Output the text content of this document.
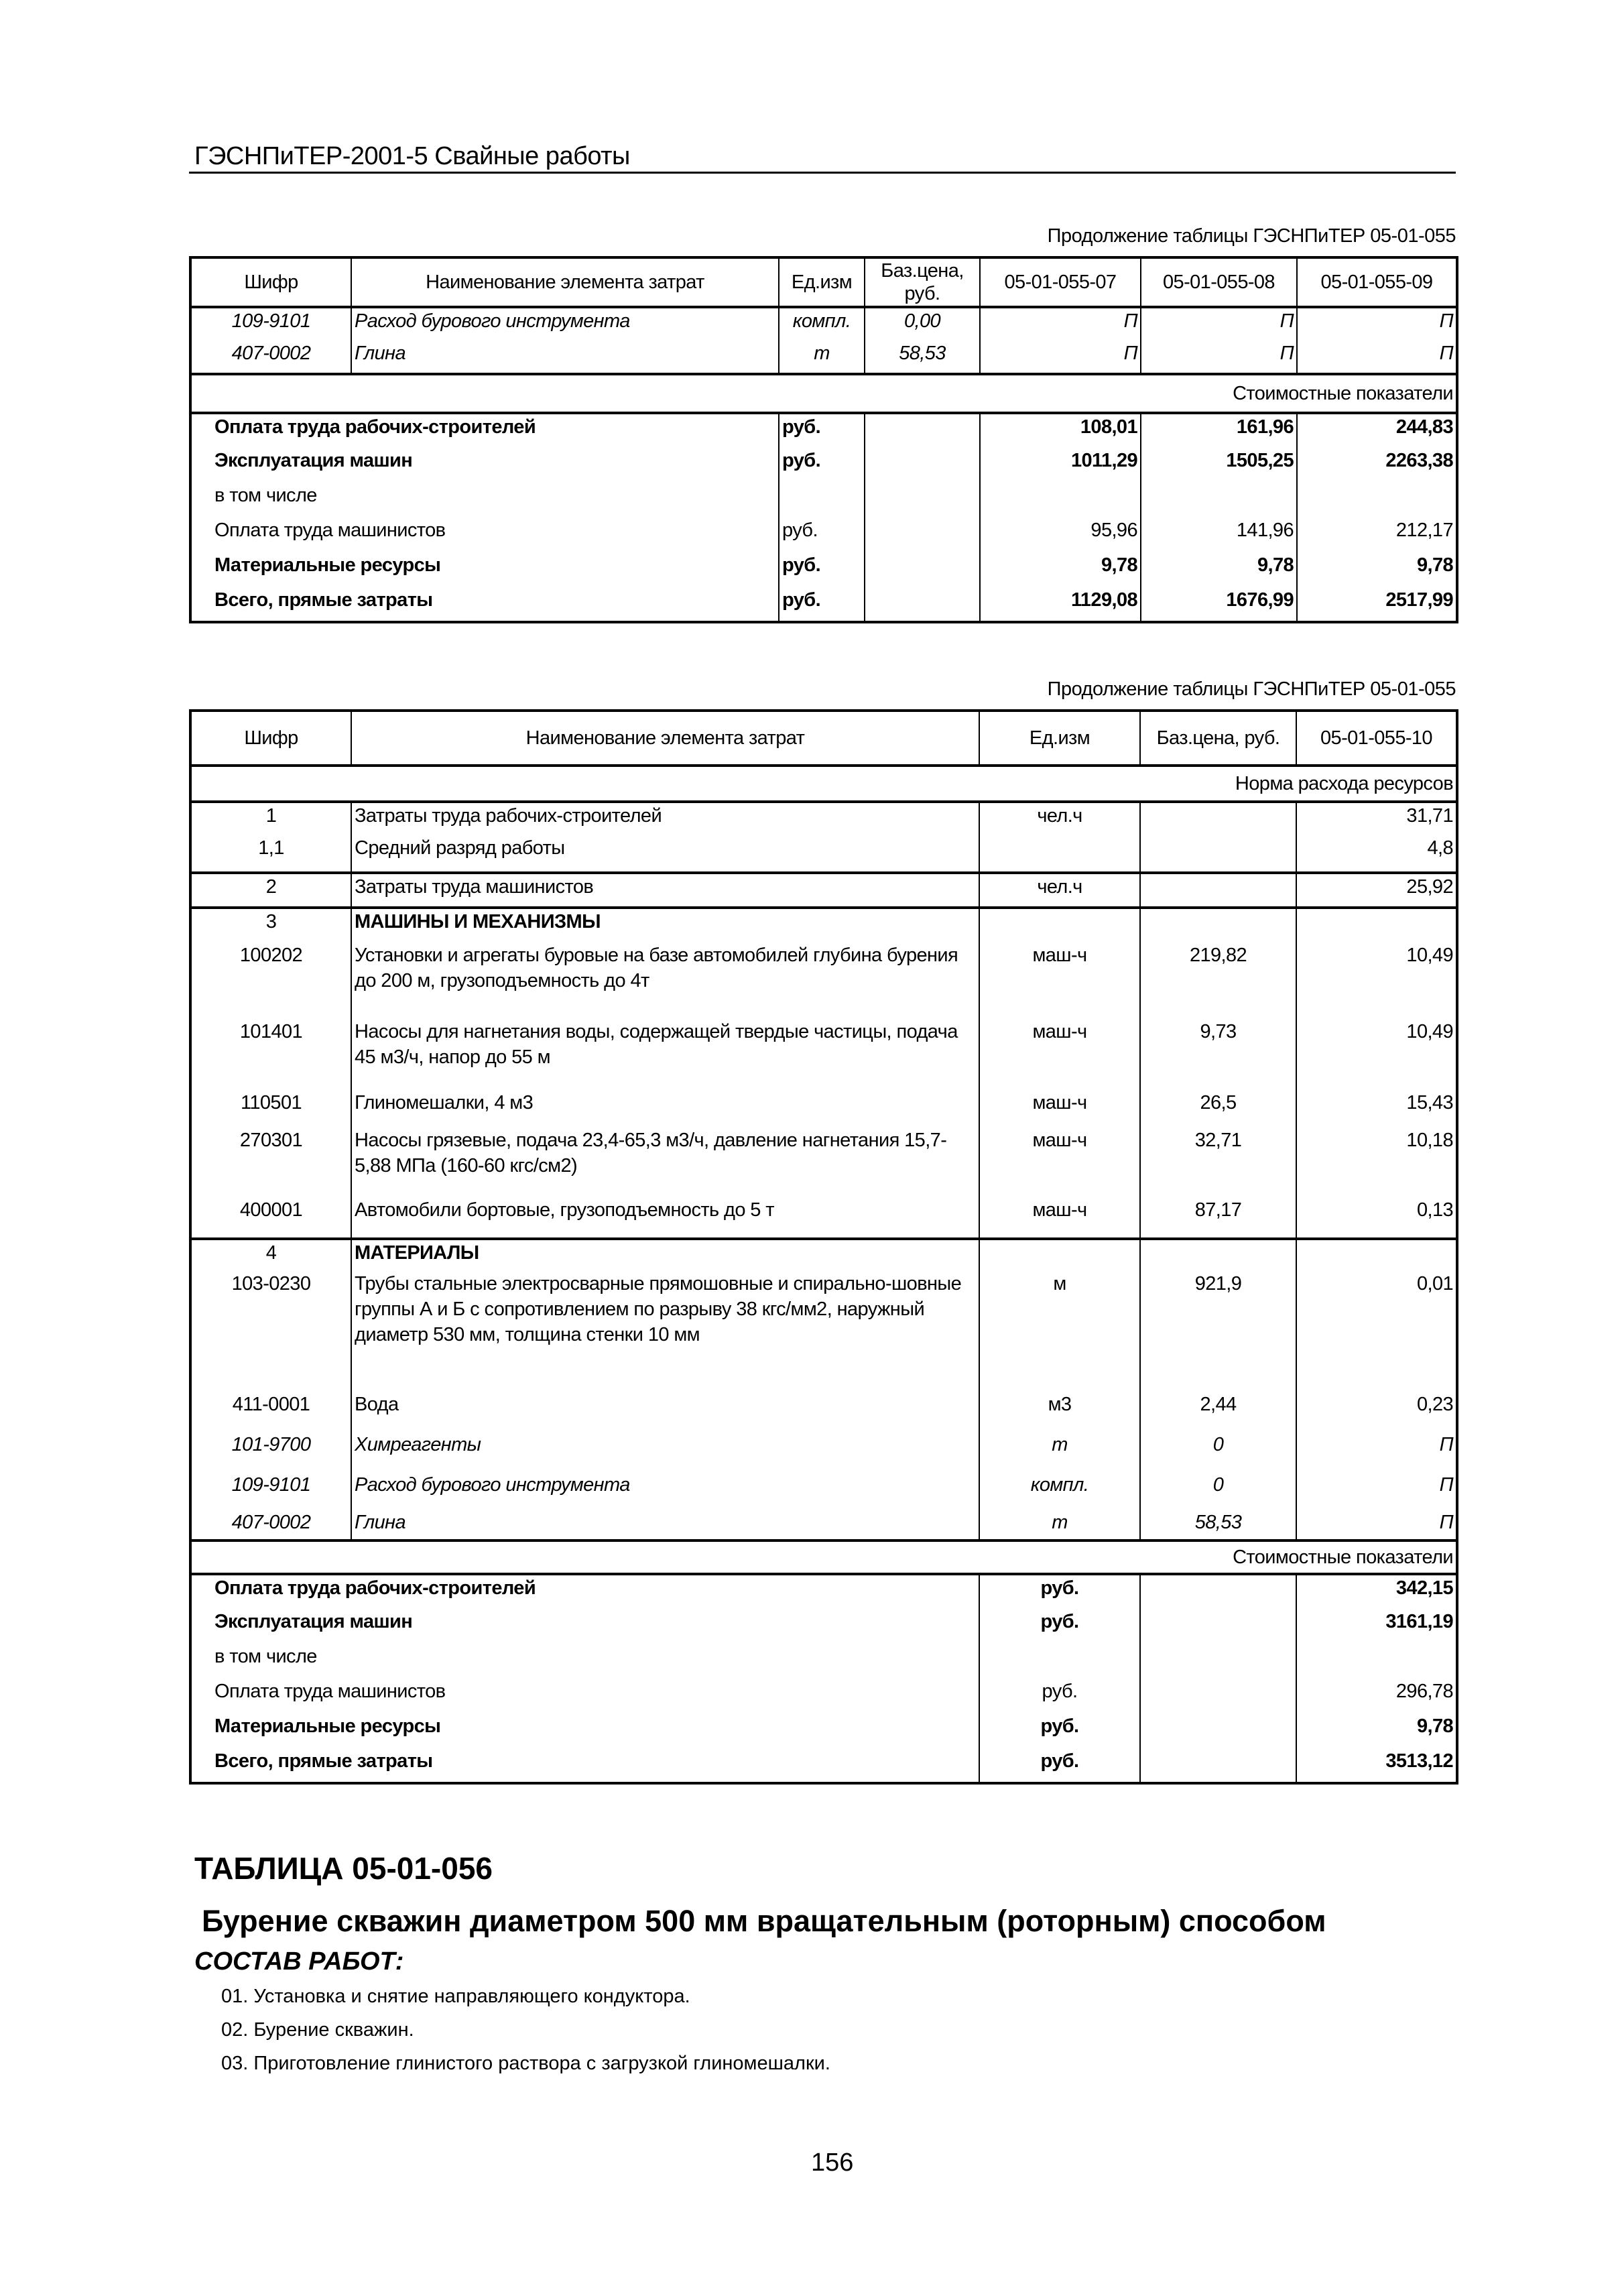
ГЭСНПиТЕР-2001-5 Свайные работы
Продолжение таблицы ГЭСНПиТЕР 05-01-055
Шифр	Наименование элемента затрат	Ед.изм	Баз.цена, руб.	05-01-055-07	05-01-055-08	05-01-055-09
109-9101	Расход бурового инструмента	компл.	0,00	П	П	П
407-0002	Глина	т	58,53	П	П	П
Стоимостные показатели						
Оплата труда рабочих-строителей		руб.		108,01	161,96	244,83
Эксплуатация машин		руб.		1011,29	1505,25	2263,38
в том числе						
Оплата труда машинистов		руб.		95,96	141,96	212,17
Материальные ресурсы		руб.		9,78	9,78	9,78
Всего, прямые затраты		руб.		1129,08	1676,99	2517,99
Продолжение таблицы ГЭСНПиТЕР 05-01-055
Шифр	Наименование элемента затрат	Ед.изм	Баз.цена, руб.	05-01-055-10
Норма расхода ресурсов				
1	Затраты труда рабочих-строителей	чел.ч		31,71
1,1	Средний разряд работы			4,8
2	Затраты труда машинистов	чел.ч		25,92
3	МАШИНЫ И МЕХАНИЗМЫ			
100202	Установки и агрегаты буровые на базе автомобилей глубина бурения до 200 м, грузоподъемность до 4т	маш-ч	219,82	10,49
101401	Насосы для нагнетания воды, содержащей твердые частицы, подача 45 м3/ч, напор до 55 м	маш-ч	9,73	10,49
110501	Глиномешалки, 4 м3	маш-ч	26,5	15,43
270301	Насосы грязевые, подача 23,4-65,3 м3/ч, давление нагнетания 15,7-5,88 МПа (160-60 кгс/см2)	маш-ч	32,71	10,18
400001	Автомобили бортовые, грузоподъемность до 5 т	маш-ч	87,17	0,13
4	МАТЕРИАЛЫ			
103-0230	Трубы стальные электросварные прямошовные и спирально-шовные группы А и Б с сопротивлением по разрыву 38 кгс/мм2, наружный диаметр 530 мм, толщина стенки 10 мм	м	921,9	0,01
411-0001	Вода	м3	2,44	0,23
101-9700	Химреагенты	т	0	П
109-9101	Расход бурового инструмента	компл.	0	П
407-0002	Глина	т	58,53	П
Стоимостные показатели				
Оплата труда рабочих-строителей		руб.		342,15
Эксплуатация машин		руб.		3161,19
в том числе				
Оплата труда машинистов		руб.		296,78
Материальные ресурсы		руб.		9,78
Всего, прямые затраты		руб.		3513,12
ТАБЛИЦА 05-01-056
Бурение скважин диаметром 500 мм вращательным (роторным) способом
СОСТАВ РАБОТ:
01. Установка и снятие направляющего кондуктора.
02. Бурение скважин.
03. Приготовление глинистого раствора с загрузкой глиномешалки.
156
